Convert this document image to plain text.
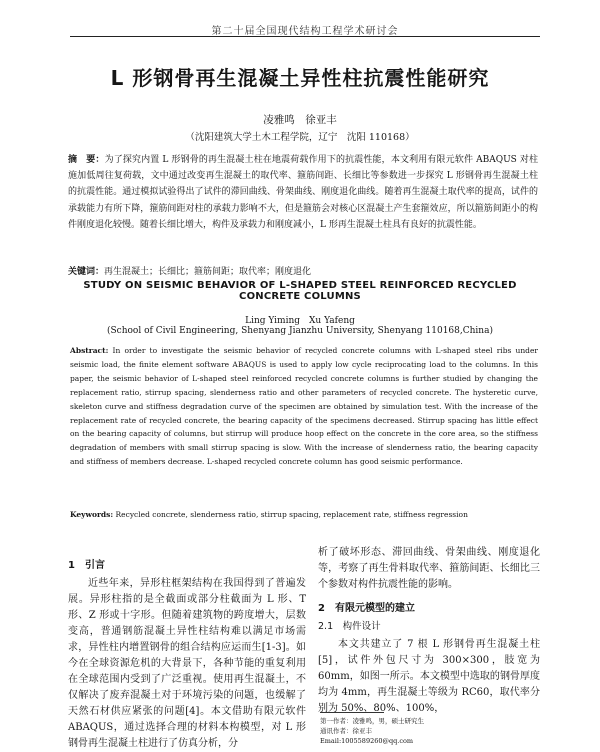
第二十届全国现代结构工程学术研讨会
L 形钢骨再生混凝土异性柱抗震性能研究
凌雅鸣　徐亚丰
（沈阳建筑大学土木工程学院，辽宁　沈阳 110168）
摘　要：为了探究内置 L 形钢骨的再生混凝土柱在地震荷载作用下的抗震性能，本文利用有限元软件 ABAQUS 对柱施加低周往复荷载，文中通过改变再生混凝土的取代率、箍筋间距、长细比等参数进一步探究 L 形钢骨再生混凝土柱的抗震性能。通过模拟试验得出了试件的滞回曲线、骨架曲线、刚度退化曲线。随着再生混凝土取代率的提高，试件的承载能力有所下降，箍筋间距对柱的承载力影响不大，但是箍筋会对核心区混凝土产生套箍效应，所以箍筋间距小的构件刚度退化较慢。随着长细比增大，构件及承载力和刚度减小，L 形再生混凝土柱具有良好的抗震性能。
关键词：再生混凝土；长细比；箍筋间距；取代率；刚度退化
STUDY ON SEISMIC BEHAVIOR OF L-SHAPED STEEL REINFORCED RECYCLED CONCRETE COLUMNS
Ling Yiming　Xu Yafeng
(School of Civil Engineering, Shenyang Jianzhu University, Shenyang 110168,China)
Abstract: In order to investigate the seismic behavior of recycled concrete columns with L-shaped steel ribs under seismic load, the finite element software ABAQUS is used to apply low cycle reciprocating load to the columns. In this paper, the seismic behavior of L-shaped steel reinforced recycled concrete columns is further studied by changing the replacement ratio, stirrup spacing, slenderness ratio and other parameters of recycled concrete. The hysteretic curve, skeleton curve and stiffness degradation curve of the specimen are obtained by simulation test. With the increase of the replacement rate of recycled concrete, the bearing capacity of the specimens decreased. Stirrup spacing has little effect on the bearing capacity of columns, but stirrup will produce hoop effect on the concrete in the core area, so the stiffness degradation of members with small stirrup spacing is slow. With the increase of slenderness ratio, the bearing capacity and stiffness of members decrease. L-shaped recycled concrete column has good seismic performance.
Keywords: Recycled concrete, slenderness ratio, stirrup spacing, replacement rate, stiffness regression
1　引言

近些年来，异形柱框架结构在我国得到了普遍发展。异形柱指的是全截面或部分柱截面为 L 形、T 形、Z 形或十字形。但随着建筑物的跨度增大，层数变高，普通钢筋混凝土异性柱结构难以满足市场需求，异性柱内增置钢骨的组合结构应运而生[1-3]。如今在全球资源危机的大背景下，各种节能的重复利用在全球范围内受到了广泛重视。使用再生混凝土，不仅解决了废弃混凝土对于环境污染的问题，也缓解了天然石材供应紧张的问题[4]。本文借助有限元软件 ABAQUS，通过选择合理的材料本构模型，对 L 形钢骨再生混凝土柱进行了仿真分析，分

析了破坏形态、滞回曲线、骨架曲线、刚度退化等，考察了再生骨料取代率、箍筋间距、长细比三个参数对构件抗震性能的影响。

2　有限元模型的建立
2.1　构件设计

本文共建立了 7 根 L 形钢骨再生混凝土柱[5]，试件外包尺寸为 300×300，肢宽为 60mm，如图一所示。本文模型中选取的钢骨厚度均为 4mm，再生混凝土等级为 RC60，取代率分别为 50%、80%、100%，

第一作者：凌雅鸣，男，硕士研究生
通讯作者：徐亚丰
Email:1005589260@qq.com
